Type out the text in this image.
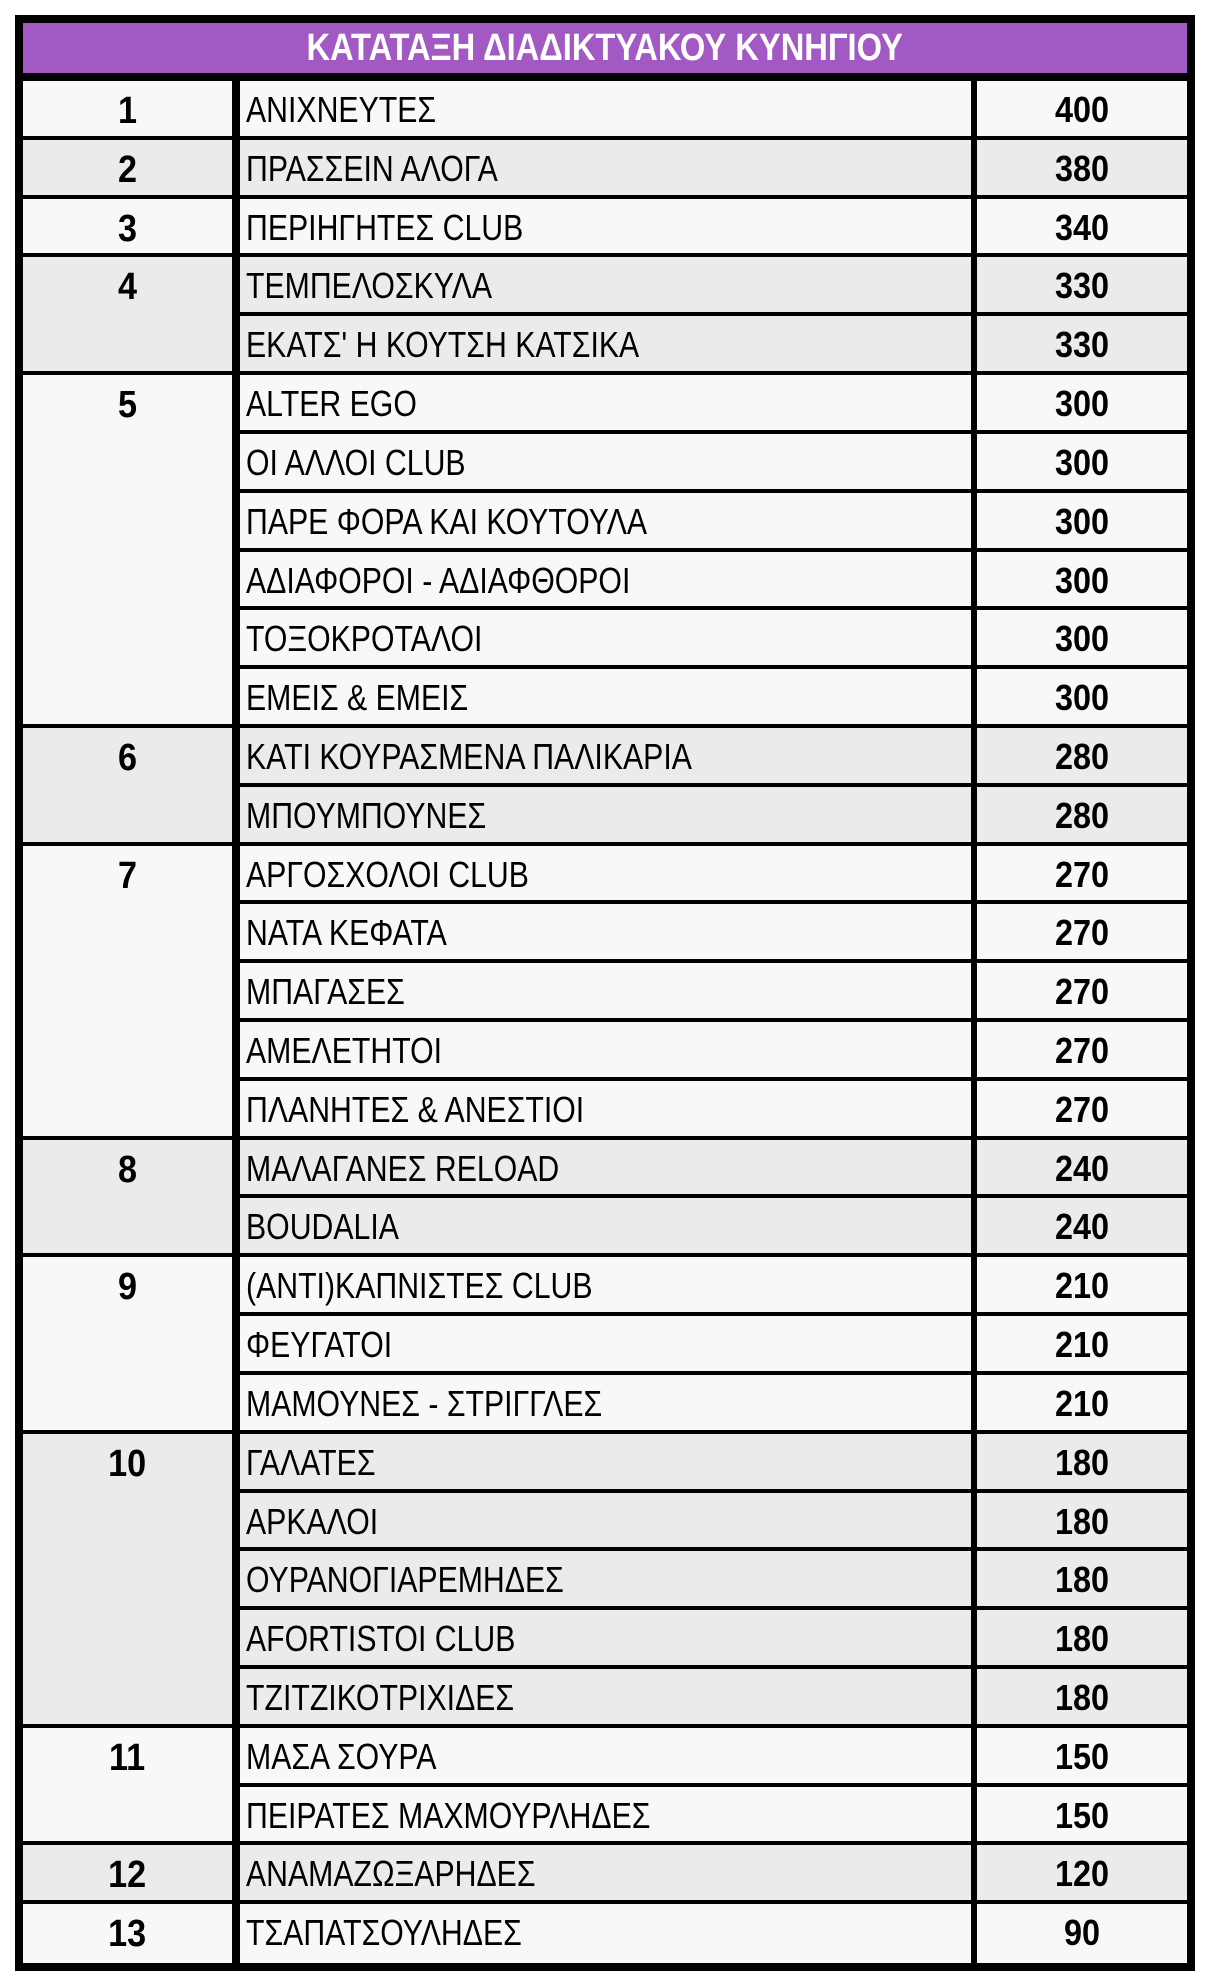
ΚΑΤΑΤΑΞΗ ΔΙΑΔΙΚΤΥΑΚΟΥ ΚΥΝΗΓΙΟΥ
1	ΑΝΙΧΝΕΥΤΕΣ	400
2	ΠΡΑΣΣΕΙΝ ΑΛΟΓΑ	380
3	ΠΕΡΙΗΓΗΤΕΣ CLUB	340
4	ΤΕΜΠΕΛΟΣΚΥΛΑ	330
ΕΚΑΤΣ' Η ΚΟΥΤΣΗ ΚΑΤΣΙΚΑ	330
5	ALTER EGO	300
ΟΙ ΑΛΛΟΙ CLUB	300
ΠΑΡΕ ΦΟΡΑ ΚΑΙ ΚΟΥΤΟΥΛΑ	300
ΑΔΙΑΦΟΡΟΙ - ΑΔΙΑΦΘΟΡΟΙ	300
ΤΟΞΟΚΡΟΤΑΛΟΙ	300
ΕΜΕΙΣ & ΕΜΕΙΣ	300
6	ΚΑΤΙ ΚΟΥΡΑΣΜΕΝΑ ΠΑΛΙΚΑΡΙΑ	280
ΜΠΟΥΜΠΟΥΝΕΣ	280
7	ΑΡΓΟΣΧΟΛΟΙ CLUB	270
ΝΑΤΑ ΚΕΦΑΤΑ	270
ΜΠΑΓΑΣΕΣ	270
ΑΜΕΛΕΤΗΤΟΙ	270
ΠΛΑΝΗΤΕΣ & ΑΝΕΣΤΙΟΙ	270
8	ΜΑΛΑΓΑΝΕΣ RELOAD	240
BOUDALIA	240
9	(ΑΝΤΙ)ΚΑΠΝΙΣΤΕΣ CLUB	210
ΦΕΥΓΑΤΟΙ	210
ΜΑΜΟΥΝΕΣ - ΣΤΡΙΓΓΛΕΣ	210
10	ΓΑΛΑΤΕΣ	180
ΑΡΚΑΛΟΙ	180
ΟΥΡΑΝΟΓΙΑΡΕΜΗΔΕΣ	180
AFORTISTOI CLUB	180
ΤΖΙΤΖΙΚΟΤΡΙΧΙΔΕΣ	180
11	ΜΑΣΑ ΣΟΥΡΑ	150
ΠΕΙΡΑΤΕΣ ΜΑΧΜΟΥΡΛΗΔΕΣ	150
12	ΑΝΑΜΑΖΩΞΑΡΗΔΕΣ	120
13	ΤΣΑΠΑΤΣΟΥΛΗΔΕΣ	90
